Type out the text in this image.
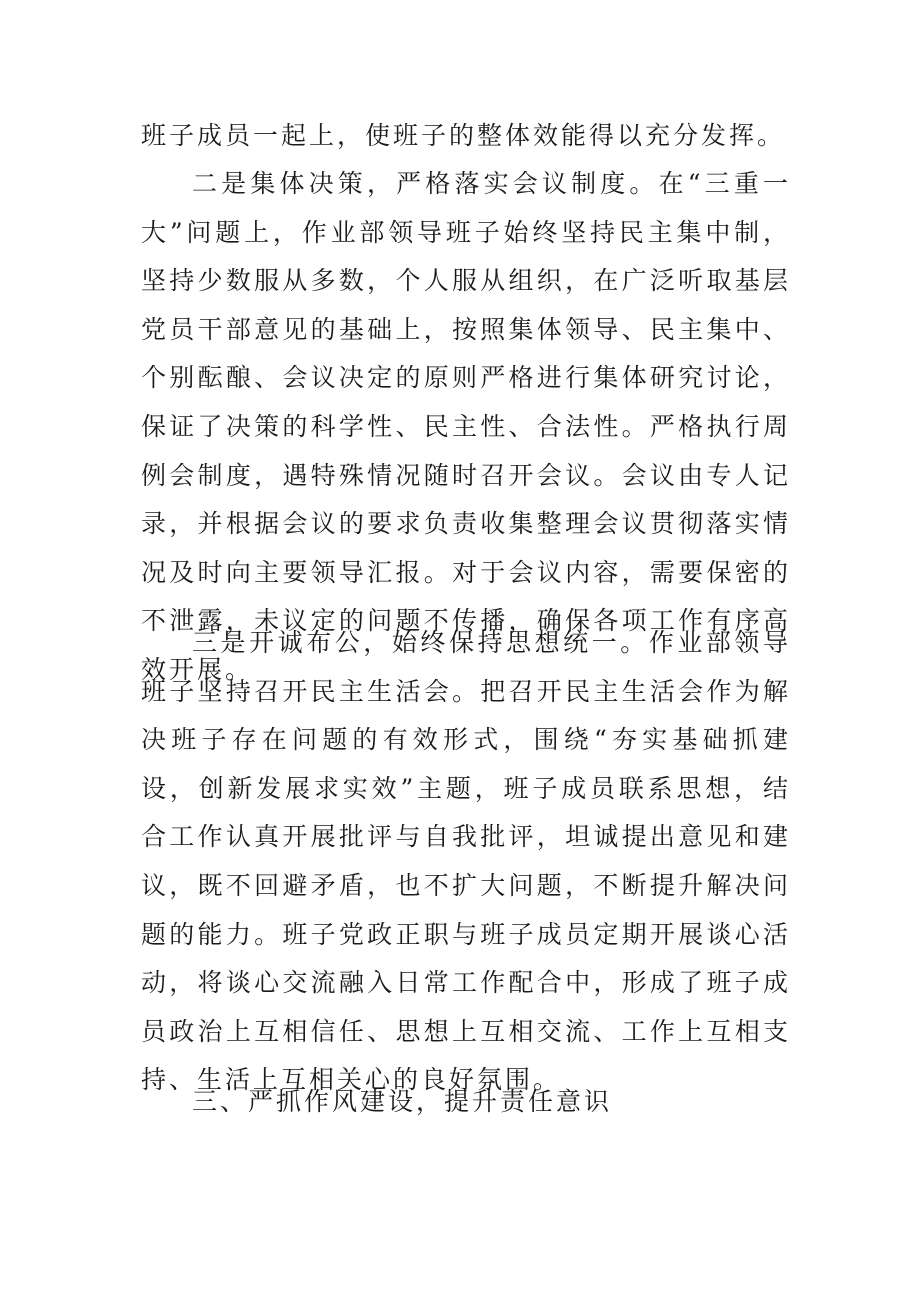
班子成员一起上，使班子的整体效能得以充分发挥。

二是集体决策，严格落实会议制度。在“三重一大”问题上，作业部领导班子始终坚持民主集中制，坚持少数服从多数，个人服从组织，在广泛听取基层党员干部意见的基础上，按照集体领导、民主集中、个别酝酿、会议决定的原则严格进行集体研究讨论，保证了决策的科学性、民主性、合法性。严格执行周例会制度，遇特殊情况随时召开会议。会议由专人记录，并根据会议的要求负责收集整理会议贯彻落实情况及时向主要领导汇报。对于会议内容，需要保密的不泄露，未议定的问题不传播，确保各项工作有序高效开展。

三是开诚布公，始终保持思想统一。作业部领导班子坚持召开民主生活会。把召开民主生活会作为解决班子存在问题的有效形式，围绕“夯实基础抓建设，创新发展求实效”主题，班子成员联系思想，结合工作认真开展批评与自我批评，坦诚提出意见和建议，既不回避矛盾，也不扩大问题，不断提升解决问题的能力。班子党政正职与班子成员定期开展谈心活动，将谈心交流融入日常工作配合中，形成了班子成员政治上互相信任、思想上互相交流、工作上互相支持、生活上互相关心的良好氛围。

三、严抓作风建设，提升责任意识
